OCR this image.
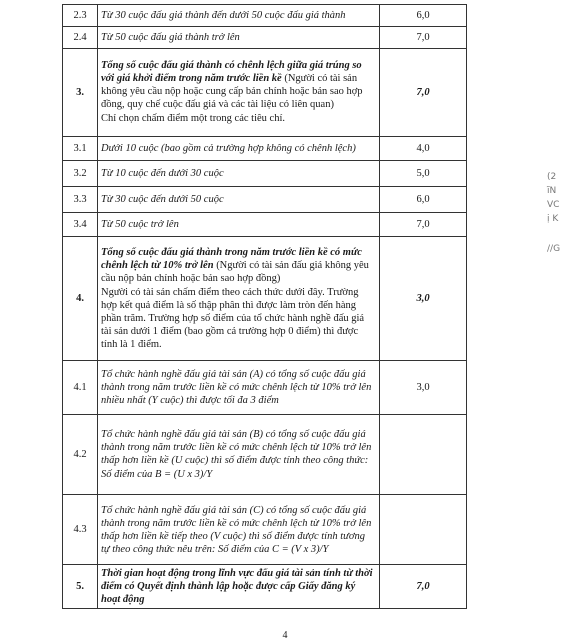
2.3	Từ 30 cuộc đấu giá thành đến dưới 50 cuộc đấu giá thành	6,0
2.4	Từ 50 cuộc đấu giá thành trở lên	7,0
3.	Tổng số cuộc đấu giá thành có chênh lệch giữa giá trúng so với giá khởi điểm trong năm trước liền kề (Người có tài sản không yêu cầu nộp hoặc cung cấp bản chính hoặc bản sao hợp đồng, quy chế cuộc đấu giá và các tài liệu có liên quan)

Chỉ chọn chấm điểm một trong các tiêu chí.	7,0
3.1	Dưới 10 cuộc (bao gồm cả trường hợp không có chênh lệch)	4,0
3.2	Từ 10 cuộc đến dưới 30 cuộc	5,0
3.3	Từ 30 cuộc đến dưới 50 cuộc	6,0
3.4	Từ 50 cuộc trở lên	7,0
4.	Tổng số cuộc đấu giá thành trong năm trước liền kề có mức chênh lệch từ 10% trở lên (Người có tài sản đấu giá không yêu cầu nộp bản chính hoặc bản sao hợp đồng)

Người có tài sản chấm điểm theo cách thức dưới đây. Trường hợp kết quả điểm là số thập phân thì được làm tròn đến hàng phần trăm. Trường hợp số điểm của tổ chức hành nghề đấu giá tài sản dưới 1 điểm (bao gồm cả trường hợp 0 điểm) thì được tính là 1 điểm.	3,0
4.1	Tổ chức hành nghề đấu giá tài sản (A) có tổng số cuộc đấu giá thành trong năm trước liền kề có mức chênh lệch từ 10% trở lên nhiều nhất (Y cuộc) thì được tối đa 3 điểm	3,0
4.2	Tổ chức hành nghề đấu giá tài sản (B) có tổng số cuộc đấu giá thành trong năm trước liền kề có mức chênh lệch từ 10% trở lên thấp hơn liền kề (U cuộc) thì số điểm được tính theo công thức:

Số điểm của B = (U x 3)/Y	

4.3	Tổ chức hành nghề đấu giá tài sản (C) có tổng số cuộc đấu giá thành trong năm trước liền kề có mức chênh lệch từ 10% trở lên thấp hơn liền kề tiếp theo (V cuộc) thì số điểm được tính tương tự theo công thức nêu trên: Số điểm của C = (V x 3)/Y	
5.	Thời gian hoạt động trong lĩnh vực đấu giá tài sản tính từ thời điểm có Quyết định thành lập hoặc được cấp Giấy đăng ký hoạt động	7,0
(2
ĩN
VC
ị K
//G
4
